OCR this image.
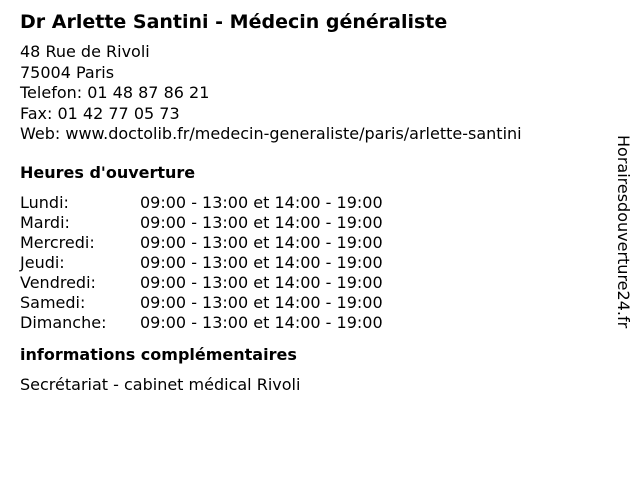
Dr Arlette Santini - Médecin généraliste
48 Rue de Rivoli
75004 Paris
Telefon: 01 48 87 86 21
Fax: 01 42 77 05 73
Web: www.doctolib.fr/medecin-generaliste/paris/arlette-santini
Heures d'ouverture
Lundi:	09:00 - 13:00 et 14:00 - 19:00
Mardi:	09:00 - 13:00 et 14:00 - 19:00
Mercredi:	09:00 - 13:00 et 14:00 - 19:00
Jeudi:	09:00 - 13:00 et 14:00 - 19:00
Vendredi:	09:00 - 13:00 et 14:00 - 19:00
Samedi:	09:00 - 13:00 et 14:00 - 19:00
Dimanche:	09:00 - 13:00 et 14:00 - 19:00
informations complémentaires
Secrétariat - cabinet médical Rivoli
Horairesdouverture24.fr
